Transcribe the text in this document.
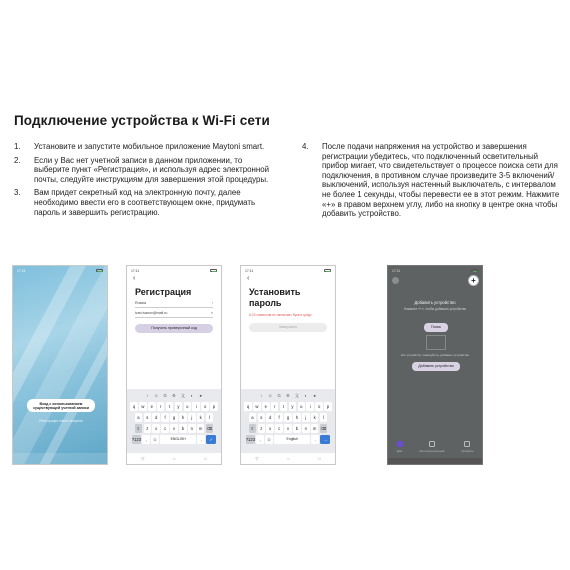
Подключение устройства к Wi-Fi сети
1.	Установите и запустите мобильное приложение Maytoni smart.
2.	Если у Вас нет учетной записи в данном приложении, то выберите пункт «Регистрация», и используя адрес электронной почты, следуйте инструкциям для завершения этой процедуры.
3.	Вам придет секретный код на электронную почту, далее необходимо ввести его в соответствующем окне, придумать пароль и завершить регистрацию.
4.	После подачи напряжения на устройство и завершения регистрации убедитесь, что подключенный осветительный прибор мигает, что свидетельствует о процессе поиска сети для подключения, в противном случае произведите 3-5 включений/выключений, используя настенный выключатель, с интервалом не более 1 секунды, чтобы перевести ее в этот режим. Нажмите «+» в правом верхнем углу, либо на кнопку в центре окна чтобы добавить устройство.
17:11
Вход с использованием существующей учетной записи
Регистрация нового аккаунта
17:11
‹
Регистрация
Russia	›
ivan.ivanov@mail.ru	×
Получить проверочный код
‹	☺	G	⚙	文	◐	●
q	w	e	r	t	y	u	i	o	p
a	s	d	f	g	h	j	k	l
⇧	z	x	c	v	b	n	m ⌫
?123	,	☺	ENGLISH	.	✓
▽	○	□
17:11
‹
Установить
пароль
6-20 символов из латинских букв и цифр
Завершить
‹	☺	G	⚙	文	◐	●
q	w	e	r	t	y	u	i	o	p
a	s	d	f	g	h	j	k	l
⇧	z	x	c	v	b	n	m ⌫
?123	,	☺	English	.	→
▽	○	□
17:11
+
Добавить устройство
Нажмите «+», чтобы добавить устройство
Поиск
Нет устройств, пожалуйста, добавьте устройство
Добавить устройство
Дом	Интеллектуальный	Профиль
